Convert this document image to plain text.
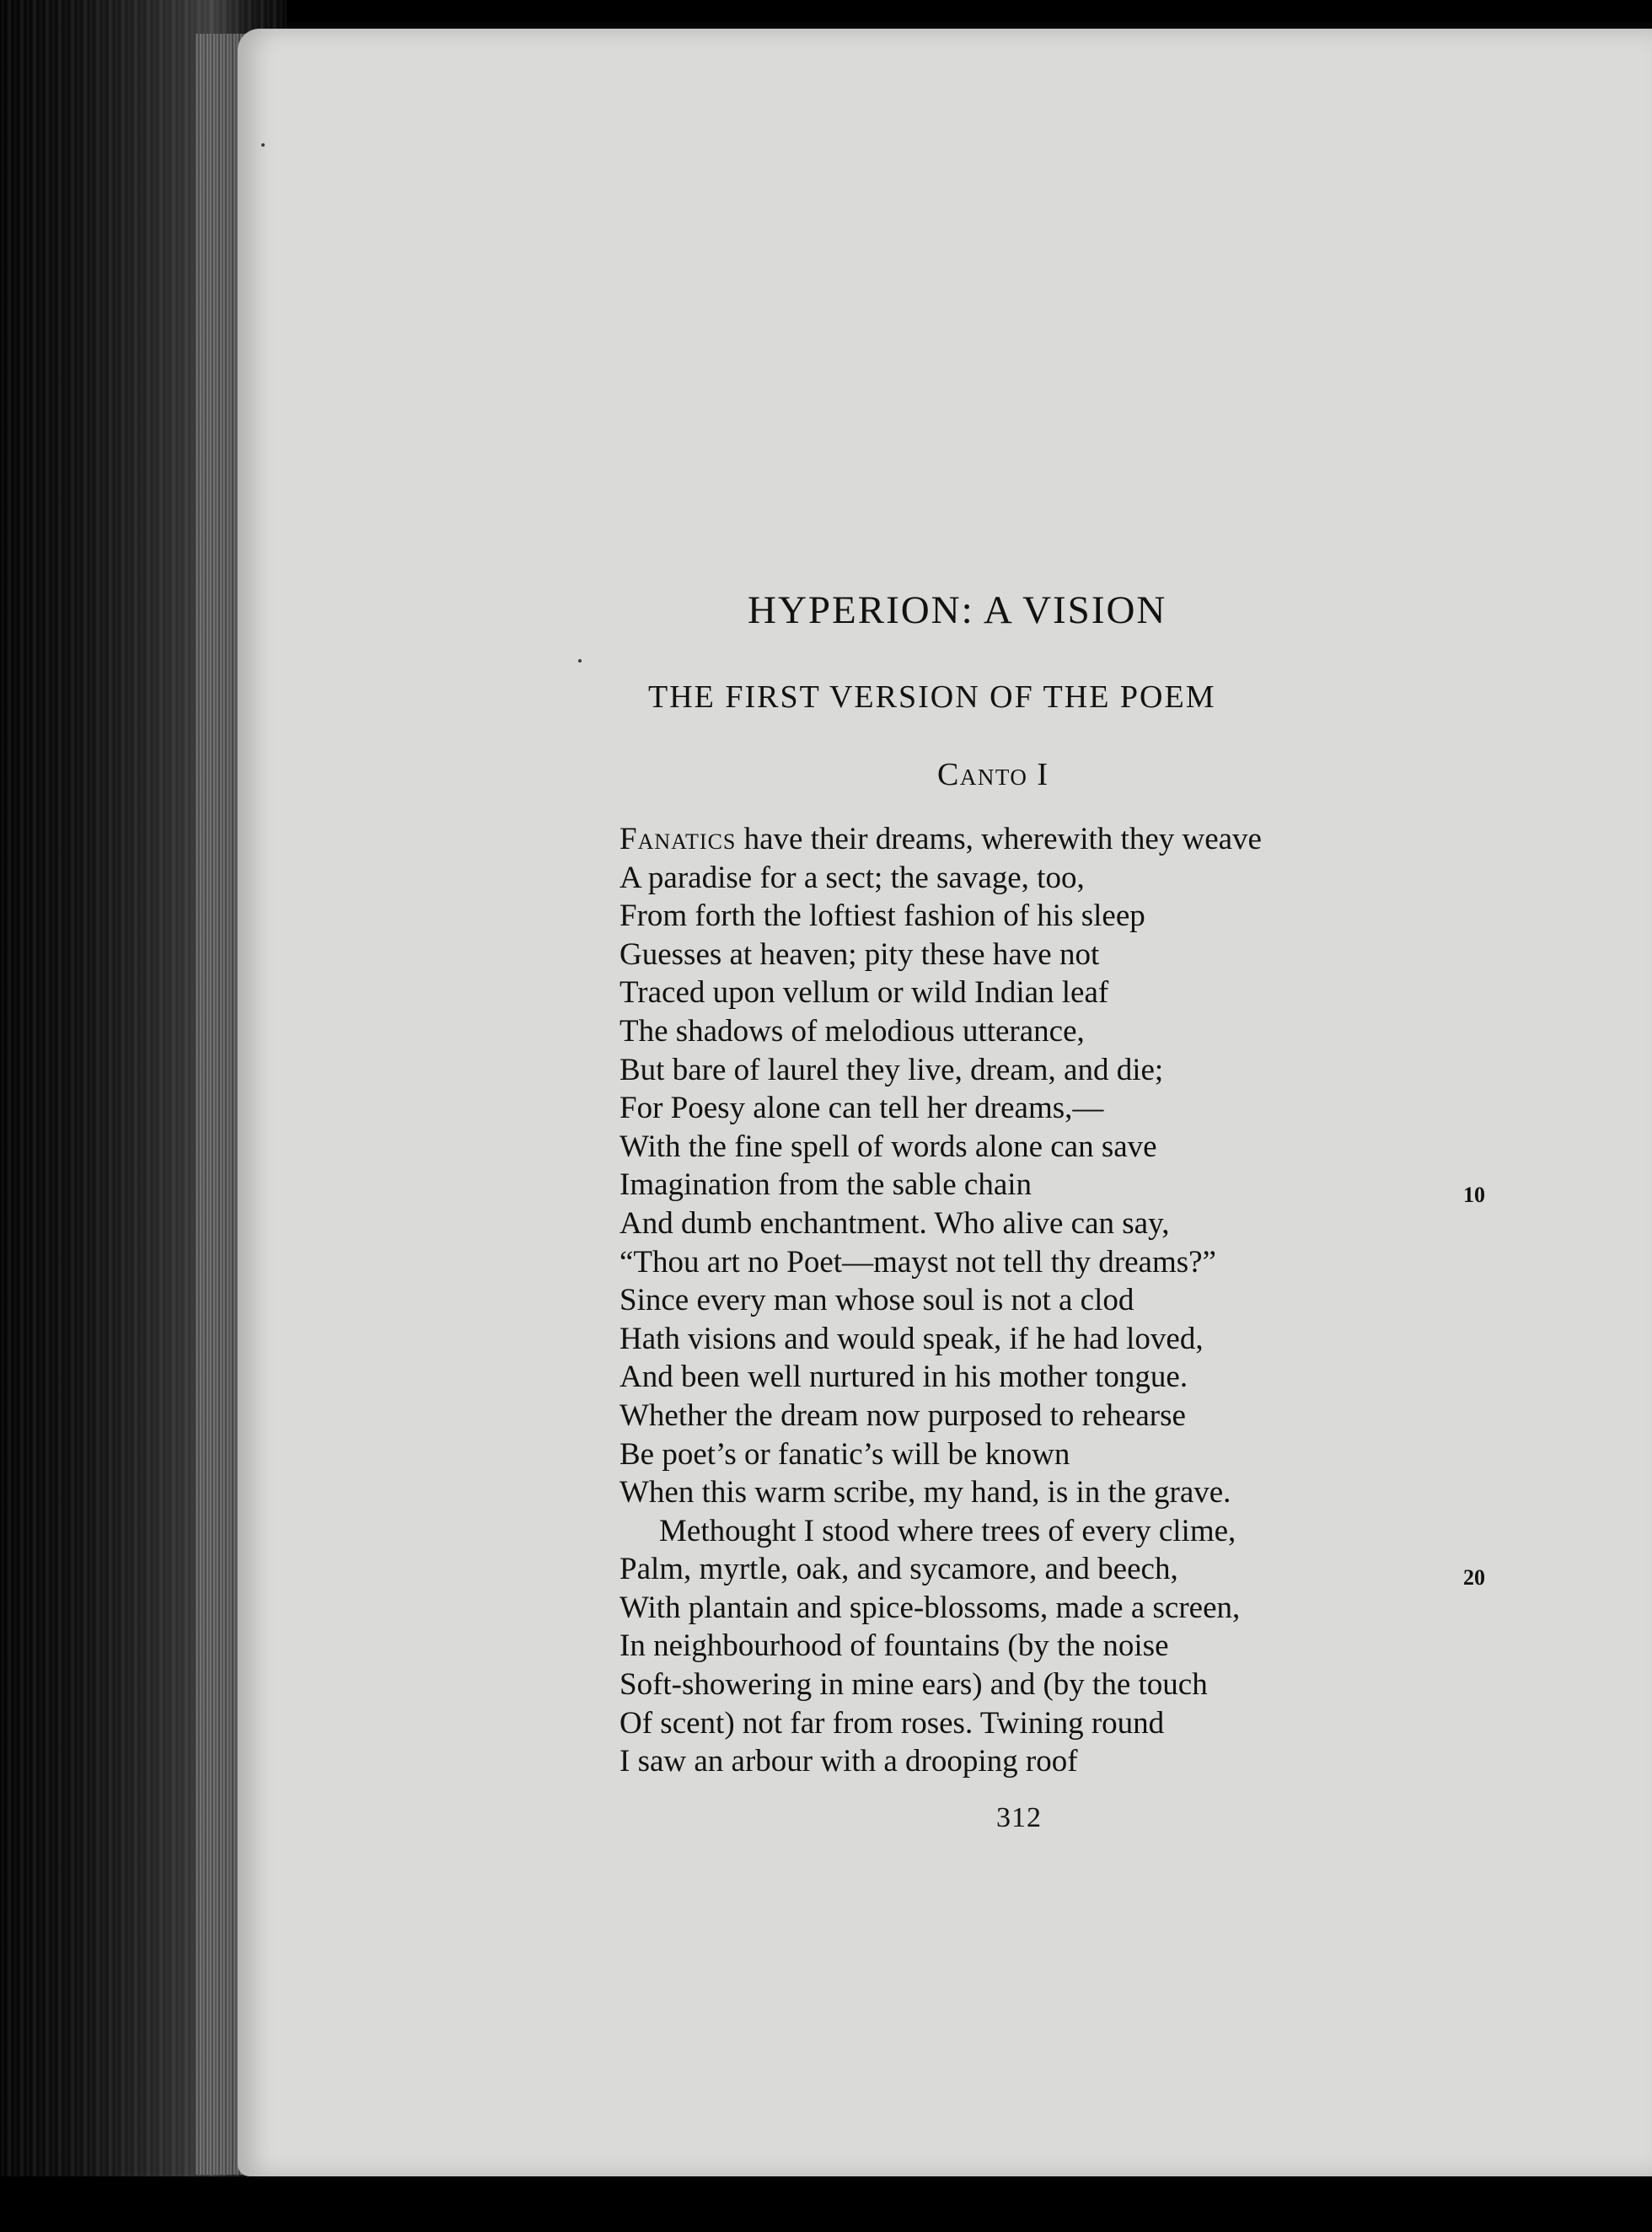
HYPERION: A VISION
THE FIRST VERSION OF THE POEM
Canto I
Fanatics have their dreams, wherewith they weave
A paradise for a sect; the savage, too,
From forth the loftiest fashion of his sleep
Guesses at heaven; pity these have not
Traced upon vellum or wild Indian leaf
The shadows of melodious utterance,
But bare of laurel they live, dream, and die;
For Poesy alone can tell her dreams,—
With the fine spell of words alone can save
Imagination from the sable chain
And dumb enchantment. Who alive can say,
“Thou art no Poet—mayst not tell thy dreams?”
Since every man whose soul is not a clod
Hath visions and would speak, if he had loved,
And been well nurtured in his mother tongue.
Whether the dream now purposed to rehearse
Be poet’s or fanatic’s will be known
When this warm scribe, my hand, is in the grave.
Methought I stood where trees of every clime,
Palm, myrtle, oak, and sycamore, and beech,
With plantain and spice-blossoms, made a screen,
In neighbourhood of fountains (by the noise
Soft-showering in mine ears) and (by the touch
Of scent) not far from roses. Twining round
I saw an arbour with a drooping roof
10
20
312
